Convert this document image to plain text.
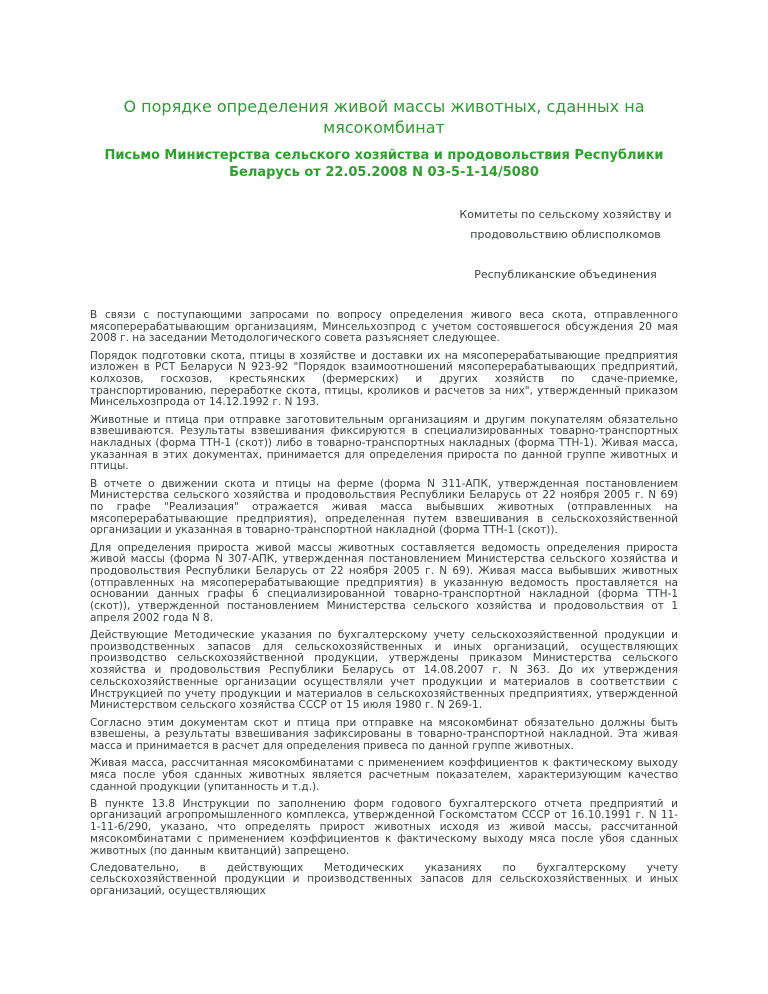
О порядке определения живой массы животных, сданных на мясокомбинат
Письмо Министерства сельского хозяйства и продовольствия Республики Беларусь от 22.05.2008 N 03-5-1-14/5080
Комитеты по сельскому хозяйству и
продовольствию облисполкомов
Республиканские объединения

В связи с поступающими запросами по вопросу определения живого веса скота, отправленного мясоперерабатывающим организациям, Минсельхозпрод с учетом состоявшегося обсуждения 20 мая 2008 г. на заседании Методологического совета разъясняет следующее.

Порядок подготовки скота, птицы в хозяйстве и доставки их на мясоперерабатывающие предприятия изложен в РСТ Беларуси N 923-92 "Порядок взаимоотношений мясоперерабатывающих предприятий, колхозов, госхозов, крестьянских (фермерских) и других хозяйств по сдаче-приемке, транспортированию, переработке скота, птицы, кроликов и расчетов за них", утвержденный приказом Минсельхозпрода от 14.12.1992 г. N 193.

Животные и птица при отправке заготовительным организациям и другим покупателям обязательно взвешиваются. Результаты взвешивания фиксируются в специализированных товарно-транспортных накладных (форма ТТН-1 (скот)) либо в товарно-транспортных накладных (форма ТТН-1). Живая масса, указанная в этих документах, принимается для определения прироста по данной группе животных и птицы.

В отчете о движении скота и птицы на ферме (форма N 311-АПК, утвержденная постановлением Министерства сельского хозяйства и продовольствия Республики Беларусь от 22 ноября 2005 г. N 69) по графе "Реализация" отражается живая масса выбывших животных (отправленных на мясоперерабатывающие предприятия), определенная путем взвешивания в сельскохозяйственной организации и указанная в товарно-транспортной накладной (форма ТТН-1 (скот)).

Для определения прироста живой массы животных составляется ведомость определения прироста живой массы (форма N 307-АПК, утвержденная постановлением Министерства сельского хозяйства и продовольствия Республики Беларусь от 22 ноября 2005 г. N 69). Живая масса выбывших животных (отправленных на мясоперерабатывающие предприятия) в указанную ведомость проставляется на основании данных графы 6 специализированной товарно-транспортной накладной (форма ТТН-1 (скот)), утвержденной постановлением Министерства сельского хозяйства и продовольствия от 1 апреля 2002 года N 8.

Действующие Методические указания по бухгалтерскому учету сельскохозяйственной продукции и производственных запасов для сельскохозяйственных и иных организаций, осуществляющих производство сельскохозяйственной продукции, утверждены приказом Министерства сельского хозяйства и продовольствия Республики Беларусь от 14.08.2007 г. N 363. До их утверждения сельскохозяйственные организации осуществляли учет продукции и материалов в соответствии с Инструкцией по учету продукции и материалов в сельскохозяйственных предприятиях, утвержденной Министерством сельского хозяйства СССР от 15 июля 1980 г. N 269-1.

Согласно этим документам скот и птица при отправке на мясокомбинат обязательно должны быть взвешены, а результаты взвешивания зафиксированы в товарно-транспортной накладной. Эта живая масса и принимается в расчет для определения привеса по данной группе животных.

Живая масса, рассчитанная мясокомбинатами с применением коэффициентов к фактическому выходу мяса после убоя сданных животных является расчетным показателем, характеризующим качество сданной продукции (упитанность и т.д.).

В пункте 13.8 Инструкции по заполнению форм годового бухгалтерского отчета предприятий и организаций агропромышленного комплекса, утвержденной Госкомстатом СССР от 16.10.1991 г. N 11-1-11-6/290, указано, что определять прирост животных исходя из живой массы, рассчитанной мясокомбинатами с применением коэффициентов к фактическому выходу мяса после убоя сданных животных (по данным квитанций) запрещено.

Следовательно, в действующих Методических указаниях по бухгалтерскому учету сельскохозяйственной продукции и производственных запасов для сельскохозяйственных и иных организаций, осуществляющих
